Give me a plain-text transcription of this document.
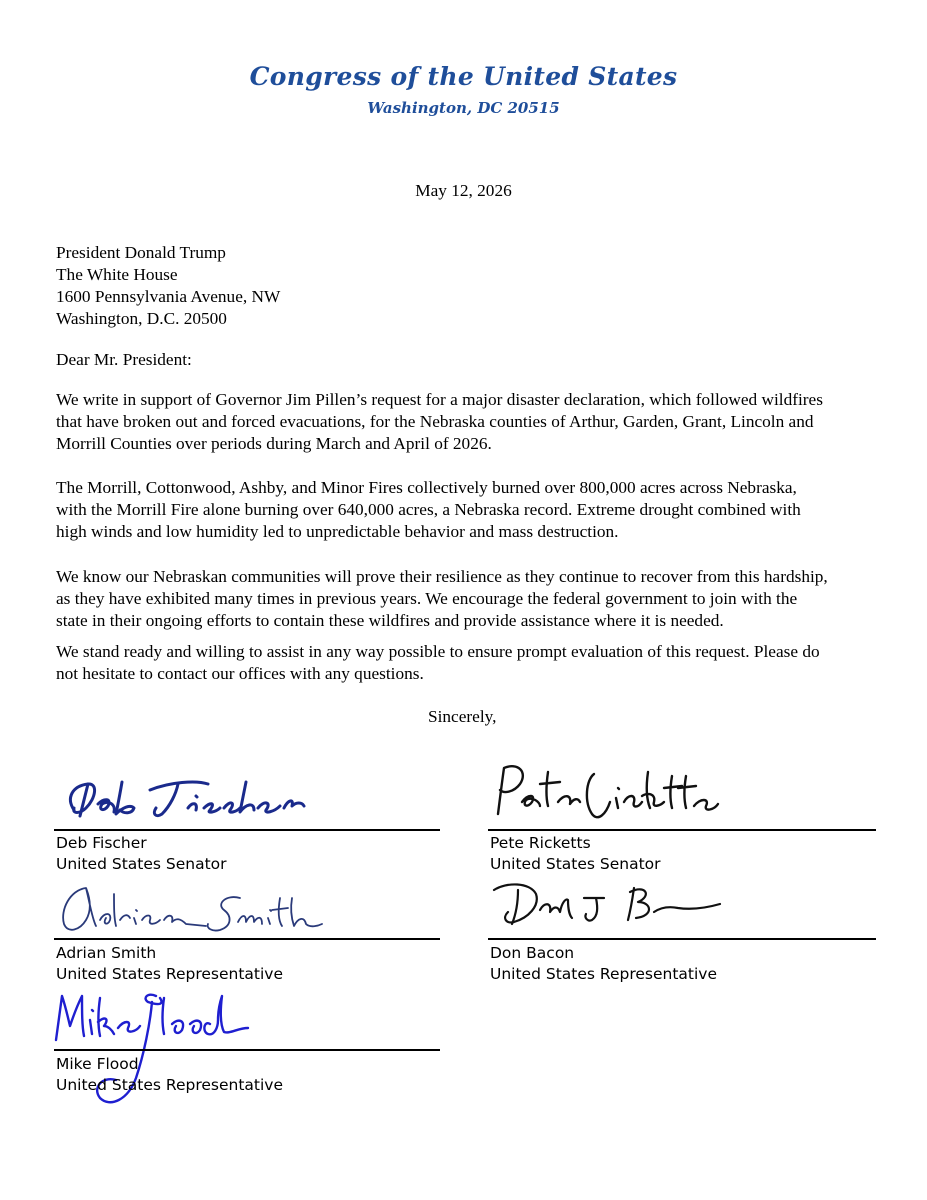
Congress of the United States
Washington, DC 20515
May 12, 2026
President Donald Trump
The White House
1600 Pennsylvania Avenue, NW
Washington, D.C. 20500
Dear Mr. President:
We write in support of Governor Jim Pillen’s request for a major disaster declaration, which followed wildfires
that have broken out and forced evacuations, for the Nebraska counties of Arthur, Garden, Grant, Lincoln and
Morrill Counties over periods during March and April of 2026.
The Morrill, Cottonwood, Ashby, and Minor Fires collectively burned over 800,000 acres across Nebraska,
with the Morrill Fire alone burning over 640,000 acres, a Nebraska record. Extreme drought combined with
high winds and low humidity led to unpredictable behavior and mass destruction.
We know our Nebraskan communities will prove their resilience as they continue to recover from this hardship,
as they have exhibited many times in previous years. We encourage the federal government to join with the
state in their ongoing efforts to contain these wildfires and provide assistance where it is needed.
We stand ready and willing to assist in any way possible to ensure prompt evaluation of this request. Please do
not hesitate to contact our offices with any questions.
Sincerely,
Deb Fischer
United States Senator
Pete Ricketts
United States Senator
Adrian Smith
United States Representative
Don Bacon
United States Representative
Mike Flood
United States Representative
